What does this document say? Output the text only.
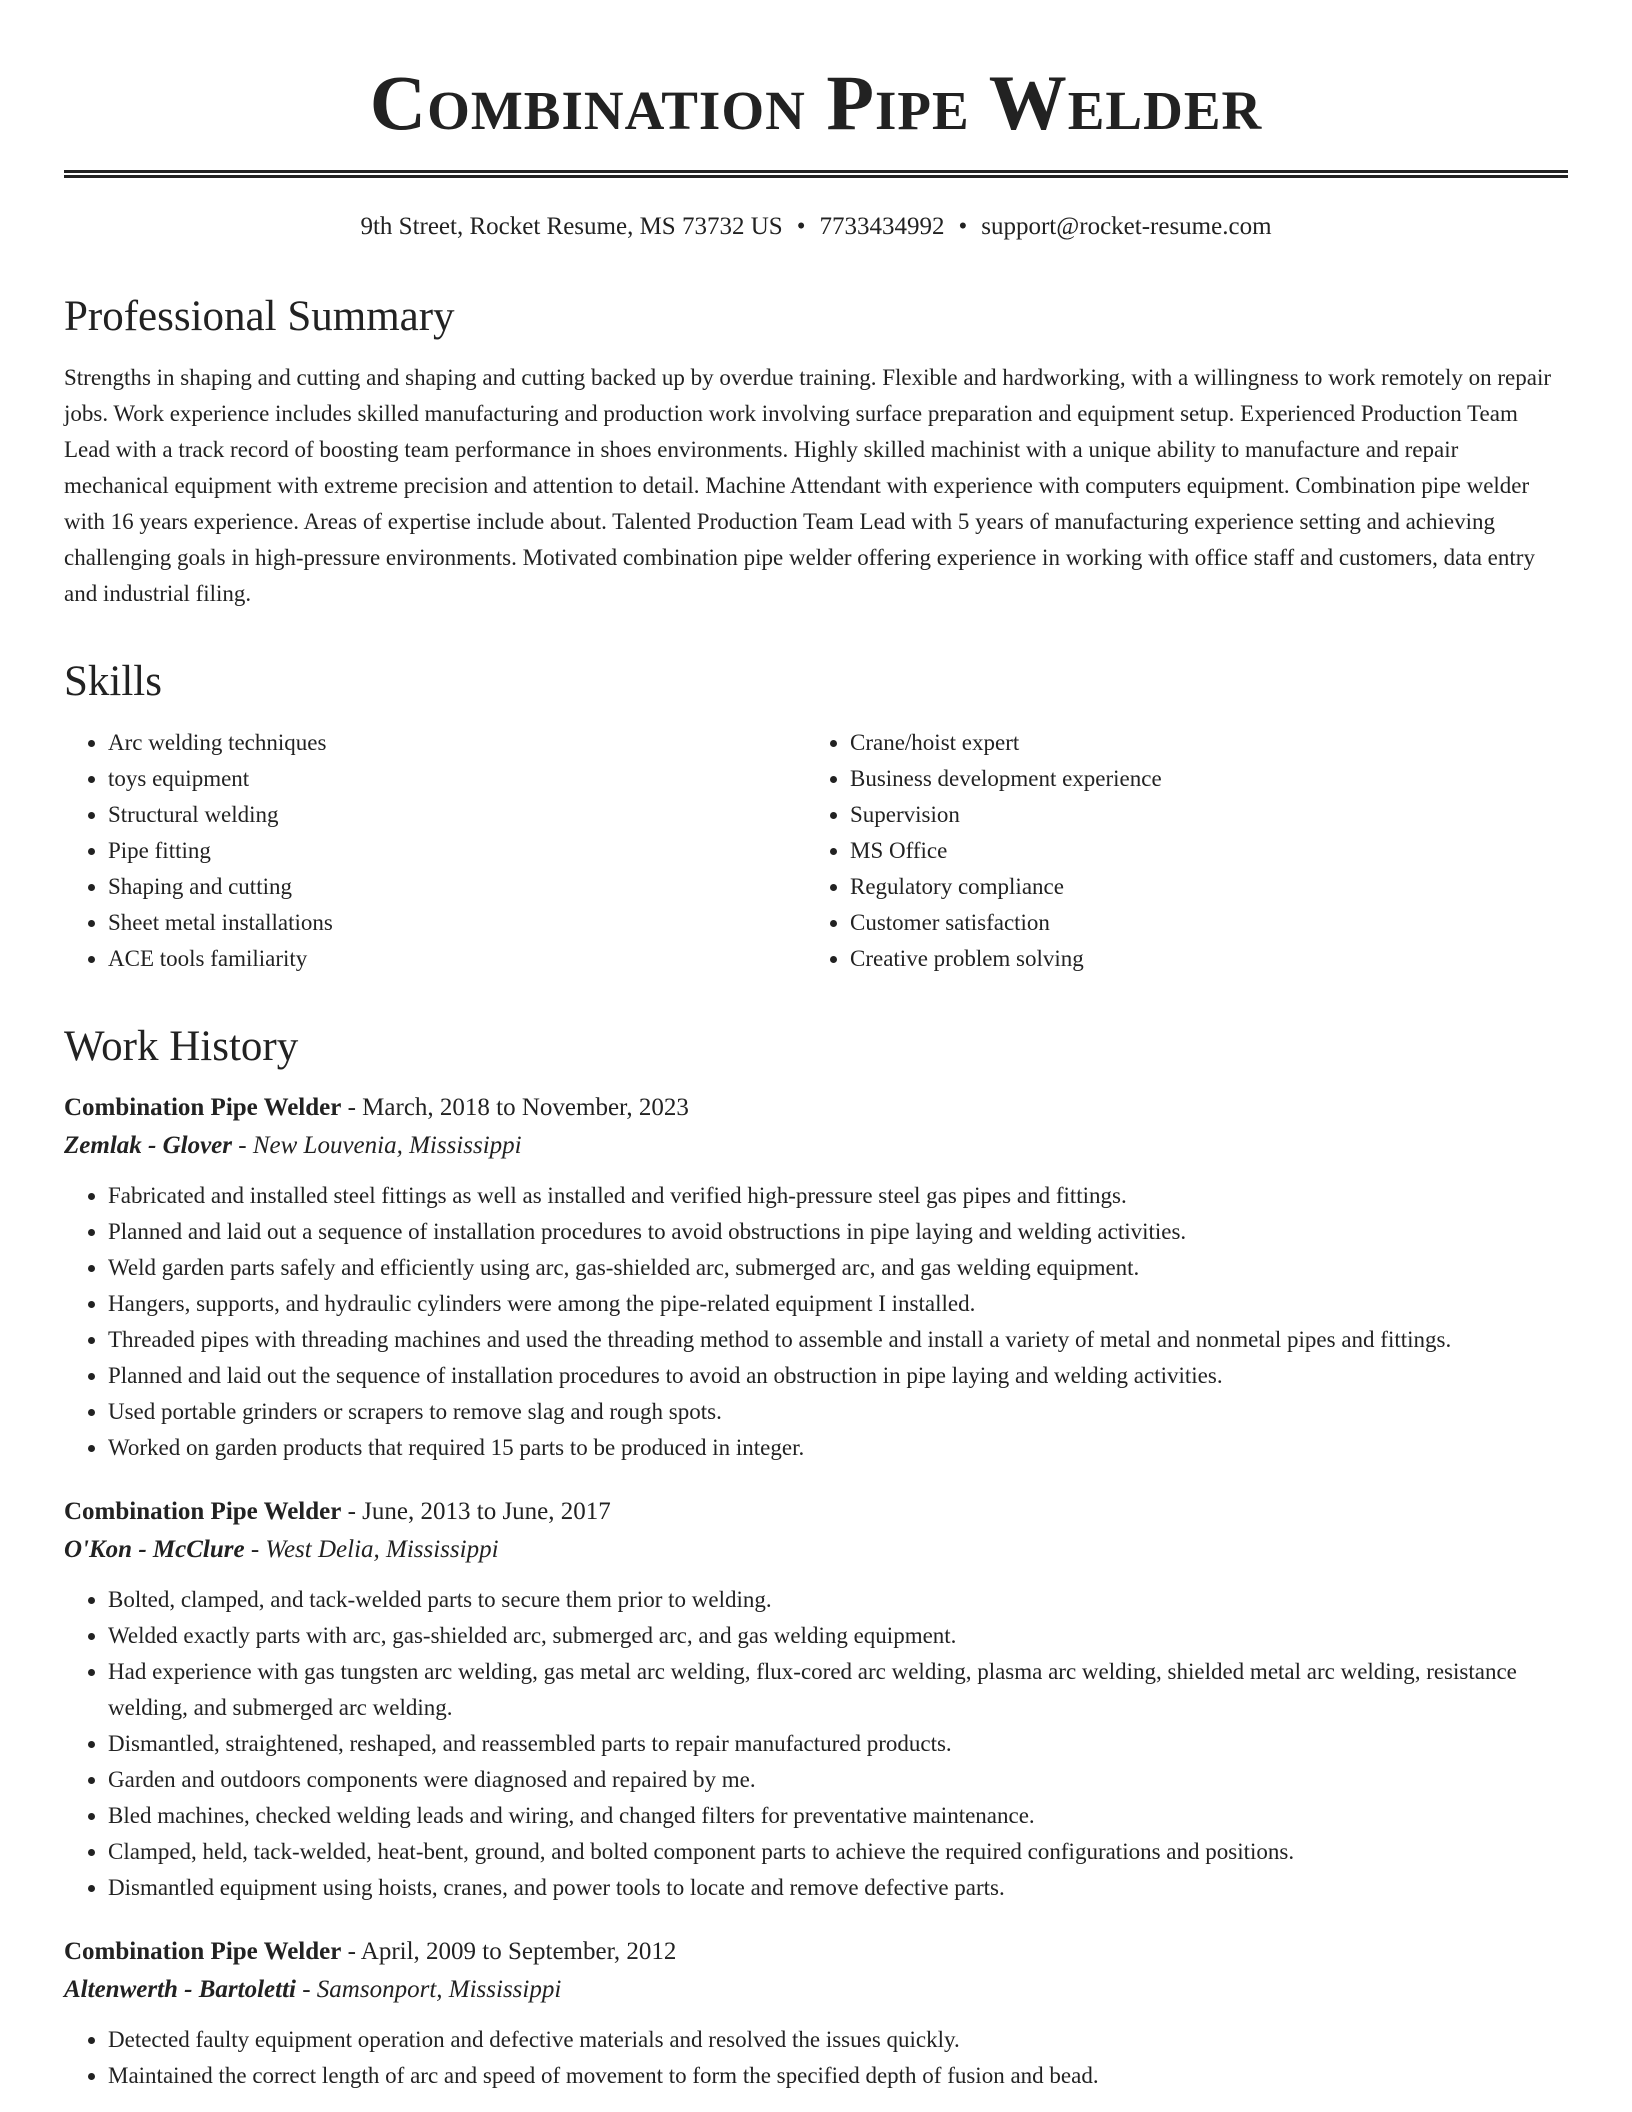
Combination Pipe Welder
9th Street, Rocket Resume, MS 73732 US • 7733434992 • support@rocket-resume.com
Professional Summary

Strengths in shaping and cutting and shaping and cutting backed up by overdue training. Flexible and hardworking, with a willingness to work remotely on repair jobs. Work experience includes skilled manufacturing and production work involving surface preparation and equipment setup. Experienced Production Team Lead with a track record of boosting team performance in shoes environments. Highly skilled machinist with a unique ability to manufacture and repair mechanical equipment with extreme precision and attention to detail. Machine Attendant with experience with computers equipment. Combination pipe welder with 16 years experience. Areas of expertise include about. Talented Production Team Lead with 5 years of manufacturing experience setting and achieving challenging goals in high-pressure environments. Motivated combination pipe welder offering experience in working with office staff and customers, data entry and industrial filing.

Skills
• Arc welding techniques
• toys equipment
• Structural welding
• Pipe fitting
• Shaping and cutting
• Sheet metal installations
• ACE tools familiarity
• Crane/hoist expert
• Business development experience
• Supervision
• MS Office
• Regulatory compliance
• Customer satisfaction
• Creative problem solving
Work History
Combination Pipe Welder - March, 2018 to November, 2023
Zemlak - Glover - New Louvenia, Mississippi
• Fabricated and installed steel fittings as well as installed and verified high-pressure steel gas pipes and fittings.
• Planned and laid out a sequence of installation procedures to avoid obstructions in pipe laying and welding activities.
• Weld garden parts safely and efficiently using arc, gas-shielded arc, submerged arc, and gas welding equipment.
• Hangers, supports, and hydraulic cylinders were among the pipe-related equipment I installed.
• Threaded pipes with threading machines and used the threading method to assemble and install a variety of metal and nonmetal pipes and fittings.
• Planned and laid out the sequence of installation procedures to avoid an obstruction in pipe laying and welding activities.
• Used portable grinders or scrapers to remove slag and rough spots.
• Worked on garden products that required 15 parts to be produced in integer.
Combination Pipe Welder - June, 2013 to June, 2017
O'Kon - McClure - West Delia, Mississippi
• Bolted, clamped, and tack-welded parts to secure them prior to welding.
• Welded exactly parts with arc, gas-shielded arc, submerged arc, and gas welding equipment.
• Had experience with gas tungsten arc welding, gas metal arc welding, flux-cored arc welding, plasma arc welding, shielded metal arc welding, resistance welding, and submerged arc welding.
• Dismantled, straightened, reshaped, and reassembled parts to repair manufactured products.
• Garden and outdoors components were diagnosed and repaired by me.
• Bled machines, checked welding leads and wiring, and changed filters for preventative maintenance.
• Clamped, held, tack-welded, heat-bent, ground, and bolted component parts to achieve the required configurations and positions.
• Dismantled equipment using hoists, cranes, and power tools to locate and remove defective parts.
Combination Pipe Welder - April, 2009 to September, 2012
Altenwerth - Bartoletti - Samsonport, Mississippi
• Detected faulty equipment operation and defective materials and resolved the issues quickly.
• Maintained the correct length of arc and speed of movement to form the specified depth of fusion and bead.
